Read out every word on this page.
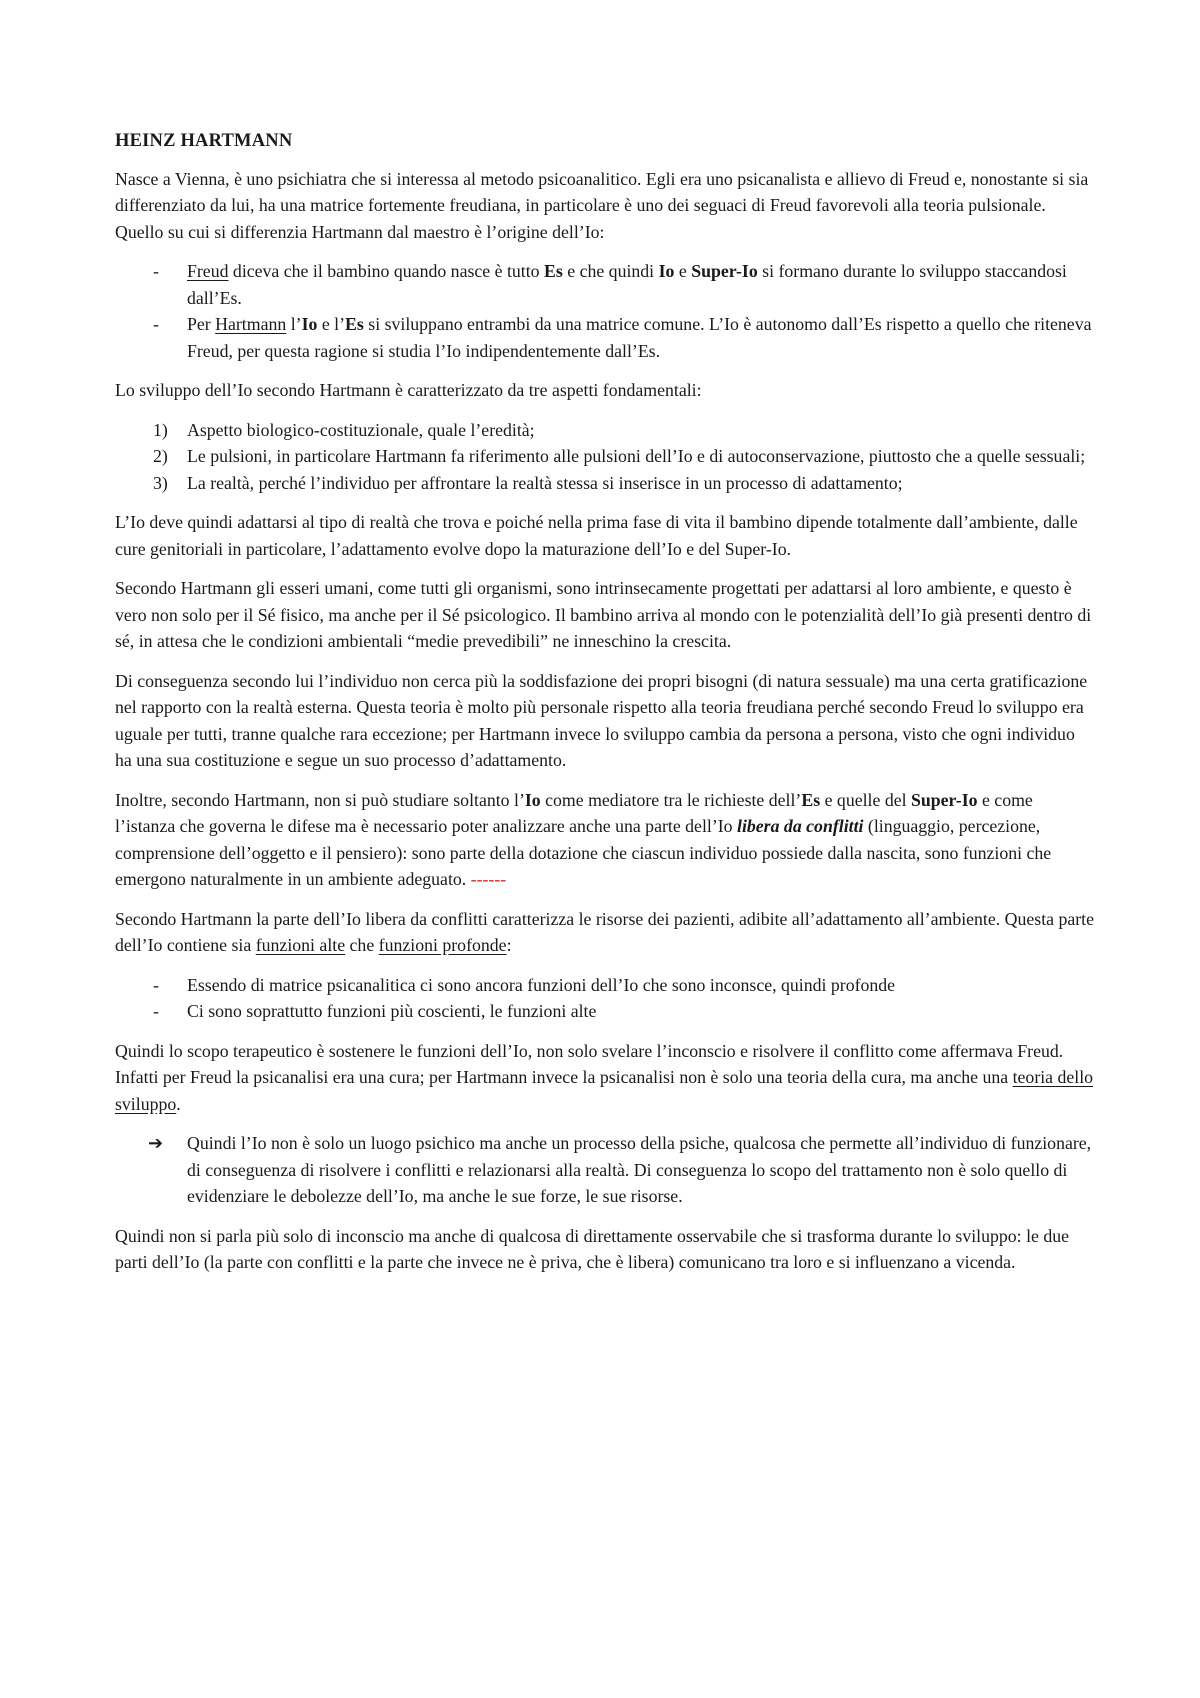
HEINZ HARTMANN
Nasce a Vienna, è uno psichiatra che si interessa al metodo psicoanalitico. Egli era uno psicanalista e allievo di Freud e, nonostante si sia differenziato da lui, ha una matrice fortemente freudiana, in particolare è uno dei seguaci di Freud favorevoli alla teoria pulsionale. Quello su cui si differenzia Hartmann dal maestro è l’origine dell’Io:
- Freud diceva che il bambino quando nasce è tutto Es e che quindi Io e Super-Io si formano durante lo sviluppo staccandosi dall’Es.
- Per Hartmann l’Io e l’Es si sviluppano entrambi da una matrice comune. L’Io è autonomo dall’Es rispetto a quello che riteneva Freud, per questa ragione si studia l’Io indipendentemente dall’Es.
Lo sviluppo dell’Io secondo Hartmann è caratterizzato da tre aspetti fondamentali:
1) Aspetto biologico-costituzionale, quale l’eredità;
2) Le pulsioni, in particolare Hartmann fa riferimento alle pulsioni dell’Io e di autoconservazione, piuttosto che a quelle sessuali;
3) La realtà, perché l’individuo per affrontare la realtà stessa si inserisce in un processo di adattamento;
L’Io deve quindi adattarsi al tipo di realtà che trova e poiché nella prima fase di vita il bambino dipende totalmente dall’ambiente, dalle cure genitoriali in particolare, l’adattamento evolve dopo la maturazione dell’Io e del Super-Io.
Secondo Hartmann gli esseri umani, come tutti gli organismi, sono intrinsecamente progettati per adattarsi al loro ambiente, e questo è vero non solo per il Sé fisico, ma anche per il Sé psicologico. Il bambino arriva al mondo con le potenzialità dell’Io già presenti dentro di sé, in attesa che le condizioni ambientali “medie prevedibili” ne inneschino la crescita.
Di conseguenza secondo lui l’individuo non cerca più la soddisfazione dei propri bisogni (di natura sessuale) ma una certa gratificazione nel rapporto con la realtà esterna. Questa teoria è molto più personale rispetto alla teoria freudiana perché secondo Freud lo sviluppo era uguale per tutti, tranne qualche rara eccezione; per Hartmann invece lo sviluppo cambia da persona a persona, visto che ogni individuo ha una sua costituzione e segue un suo processo d’adattamento.
Inoltre, secondo Hartmann, non si può studiare soltanto l’Io come mediatore tra le richieste dell’Es e quelle del Super-Io e come l’istanza che governa le difese ma è necessario poter analizzare anche una parte dell’Io libera da conflitti (linguaggio, percezione, comprensione dell’oggetto e il pensiero): sono parte della dotazione che ciascun individuo possiede dalla nascita, sono funzioni che emergono naturalmente in un ambiente adeguato. ------
Secondo Hartmann la parte dell’Io libera da conflitti caratterizza le risorse dei pazienti, adibite all’adattamento all’ambiente. Questa parte dell’Io contiene sia funzioni alte che funzioni profonde:
- Essendo di matrice psicanalitica ci sono ancora funzioni dell’Io che sono inconsce, quindi profonde
- Ci sono soprattutto funzioni più coscienti, le funzioni alte
Quindi lo scopo terapeutico è sostenere le funzioni dell’Io, non solo svelare l’inconscio e risolvere il conflitto come affermava Freud. Infatti per Freud la psicanalisi era una cura; per Hartmann invece la psicanalisi non è solo una teoria della cura, ma anche una teoria dello sviluppo.
➔ Quindi l’Io non è solo un luogo psichico ma anche un processo della psiche, qualcosa che permette all’individuo di funzionare, di conseguenza di risolvere i conflitti e relazionarsi alla realtà. Di conseguenza lo scopo del trattamento non è solo quello di evidenziare le debolezze dell’Io, ma anche le sue forze, le sue risorse.
Quindi non si parla più solo di inconscio ma anche di qualcosa di direttamente osservabile che si trasforma durante lo sviluppo: le due parti dell’Io (la parte con conflitti e la parte che invece ne è priva, che è libera) comunicano tra loro e si influenzano a vicenda.
